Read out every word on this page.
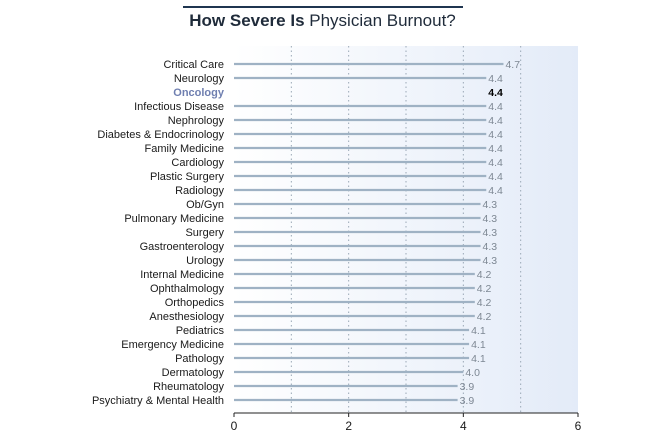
How Severe Is Physician Burnout?
Critical Care	4.7
Neurology	4.4
Oncology	4.4
Infectious Disease	4.4
Nephrology	4.4
Diabetes & Endocrinology	4.4
Family Medicine	4.4
Cardiology	4.4
Plastic Surgery	4.4
Radiology	4.4
Ob/Gyn	4.3
Pulmonary Medicine	4.3
Surgery	4.3
Gastroenterology	4.3
Urology	4.3
Internal Medicine	4.2
Ophthalmology	4.2
Orthopedics	4.2
Anesthesiology	4.2
Pediatrics	4.1
Emergency Medicine	4.1
Pathology	4.1
Dermatology	4.0
Rheumatology	3.9
Psychiatry & Mental Health	3.9
0	2	4	6
